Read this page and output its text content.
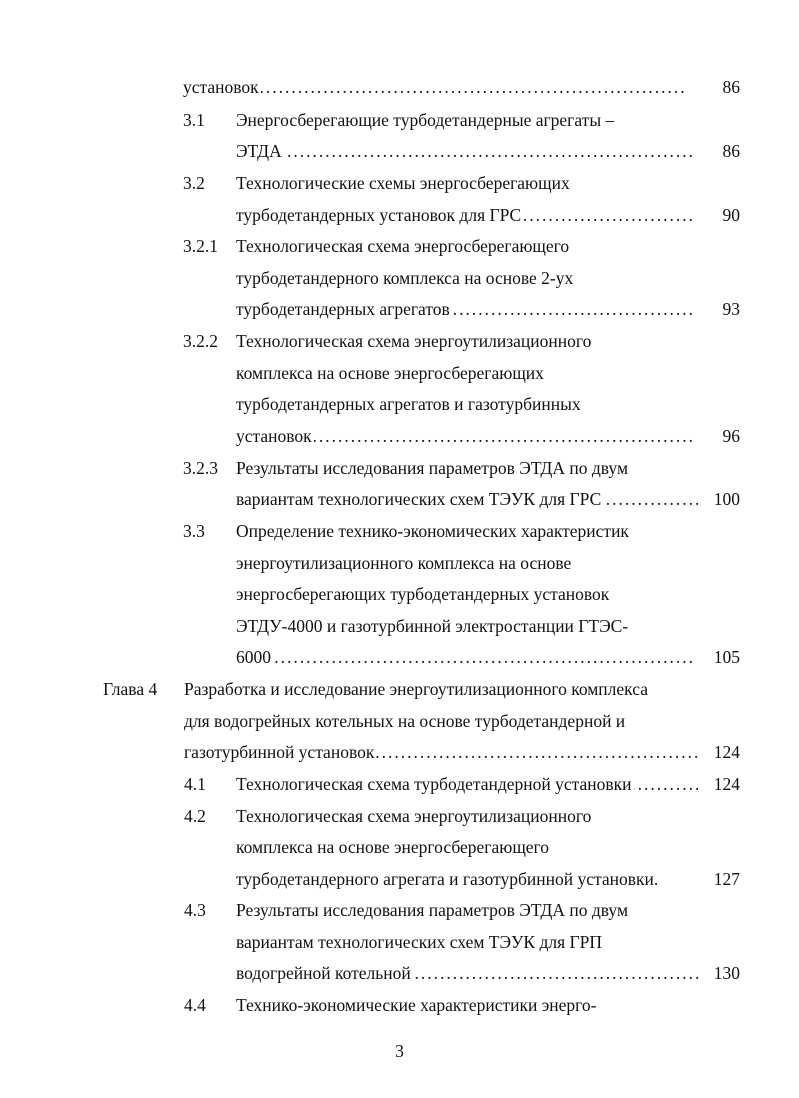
установок .....	86
3.1 Энергосберегающие турбодетандерные агрегаты –
ЭТДА .....	86
3.2 Технологические схемы энергосберегающих
турбодетандерных установок для ГРС .....	90
3.2.1 Технологическая схема энергосберегающего
турбодетандерного комплекса на основе 2-ух
турбодетандерных агрегатов .....	93
3.2.2 Технологическая схема энергоутилизационного
комплекса на основе энергосберегающих
турбодетандерных агрегатов и газотурбинных
установок .....	96
3.2.3 Результаты исследования параметров ЭТДА по двум
вариантам технологических схем ТЭУК для ГРС .....	100
3.3 Определение технико-экономических характеристик
энергоутилизационного комплекса на основе
энергосберегающих турбодетандерных установок
ЭТДУ-4000 и газотурбинной электростанции ГТЭС-
6000 .....	105
Глава 4 Разработка и исследование энергоутилизационного комплекса
для водогрейных котельных на основе турбодетандерной и
газотурбинной установок .....	124
4.1 Технологическая схема турбодетандерной установки .....	124
4.2 Технологическая схема энергоутилизационного
комплекса на основе энергосберегающего
турбодетандерного агрегата и газотурбинной установки.	127
4.3 Результаты исследования параметров ЭТДА по двум
вариантам технологических схем ТЭУК для ГРП
водогрейной котельной .....	130
4.4 Технико-экономические характеристики энерго-
3
